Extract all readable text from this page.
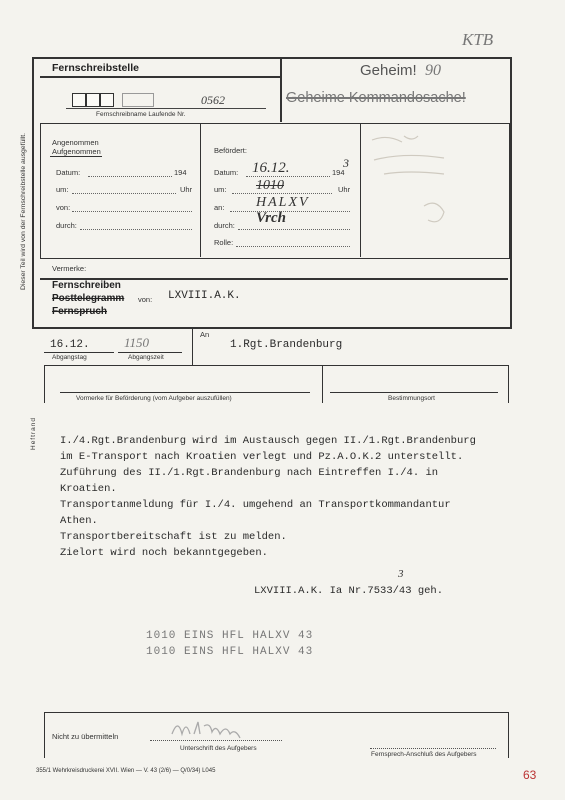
KTB
Fernschreibstelle
0562
Fernschreibname Laufende Nr.
Geheim! 90
Geheime Kommandosache!
Dieser Teil wird von der Fernschreibstelle ausgefüllt.	Angenommen
Aufgenommen
Datum:	194
um:	Uhr
von:
durch:
Befördert:
Datum: 16.12.	194
3
um: 1010	Uhr
an: HALXV
durch: Vrch
Rolle:
Vermerke:
Fernschreiben
Posttelegramm von: LXVIII.A.K.
Fernspruch
16.12.
Abgangstag
1150
Abgangszeit
An
1.Rgt.Brandenburg
Vormerke für Beförderung (vom Aufgeber auszufüllen)	Bestimmungsort
Heftrand I./4.Rgt.Brandenburg wird im Austausch gegen II./1.Rgt.Brandenburg
im E-Transport nach Kroatien verlegt und Pz.A.O.K.2 unterstellt.
Zuführung des II./1.Rgt.Brandenburg nach Eintreffen I./4. in
Kroatien.
Transportanmeldung für I./4. umgehend an Transportkommandantur
Athen.
Transportbereitschaft ist zu melden.
Zielort wird noch bekanntgegeben.
LXVIII.A.K. Ia Nr.7533/43 geh.
3
1010 EINS HFL HALXV 43
1010 EINS HFL HALXV 43
Nicht zu übermitteln
Unterschrift des Aufgebers
Fernsprech-Anschluß des Aufgebers
355/1 Wehrkreisdruckerei XVII. Wien — V. 43 (2/6) — Q/0/34) L045	63
